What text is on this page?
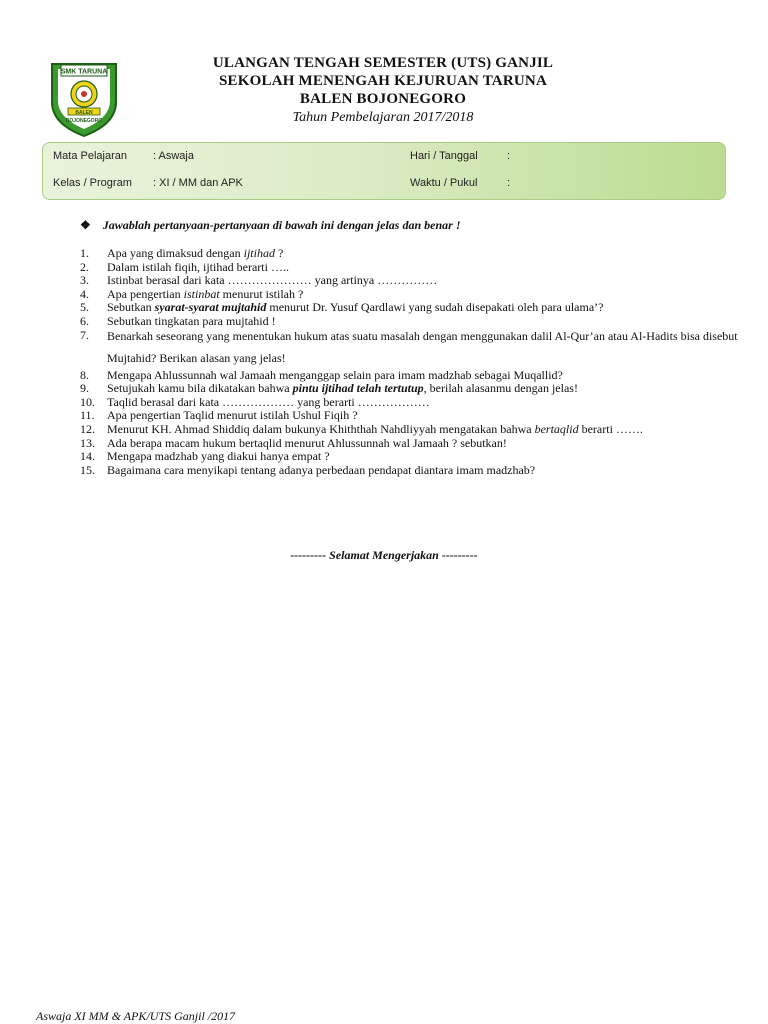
SMK TARUNA
BALEN
BOJONEGORO
ULANGAN TENGAH SEMESTER (UTS) GANJIL
SEKOLAH MENENGAH KEJURUAN TARUNA
BALEN BOJONEGORO
Tahun Pembelajaran 2017/2018
Mata Pelajaran : Aswaja	Hari / Tanggal	:
Kelas / Program : XI / MM dan APK	Waktu / Pukul	:
❖ Jawablah pertanyaan-pertanyaan di bawah ini dengan jelas dan benar !
1.	Apa yang dimaksud dengan ijtihad ?
2.	Dalam istilah fiqih, ijtihad berarti …..
3.	Istinbat berasal dari kata ………………… yang artinya ……………
4.	Apa pengertian istinbat menurut istilah ?
5.	Sebutkan syarat-syarat mujtahid menurut Dr. Yusuf Qardlawi yang sudah disepakati oleh para ulama’?
6.	Sebutkan tingkatan para mujtahid !
7.	Benarkah seseorang yang menentukan hukum atas suatu masalah dengan menggunakan dalil Al-Qur’an atau Al-Hadits bisa disebut Mujtahid? Berikan alasan yang jelas!
8.	Mengapa Ahlussunnah wal Jamaah menganggap selain para imam madzhab sebagai Muqallid?
9.	Setujukah kamu bila dikatakan bahwa pintu ijtihad telah tertutup, berilah alasanmu dengan jelas!
10.	Taqlid berasal dari kata ……………… yang berarti ………………
11.	Apa pengertian Taqlid menurut istilah Ushul Fiqih ?
12.	Menurut KH. Ahmad Shiddiq dalam bukunya Khiththah Nahdliyyah mengatakan bahwa bertaqlid berarti …….
13.	Ada berapa macam hukum bertaqlid menurut Ahlussunnah wal Jamaah ? sebutkan!
14.	Mengapa madzhab yang diakui hanya empat ?
15.	Bagaimana cara menyikapi tentang adanya perbedaan pendapat diantara imam madzhab?
--------- Selamat Mengerjakan ---------
Aswaja XI MM & APK/UTS Ganjil /2017
